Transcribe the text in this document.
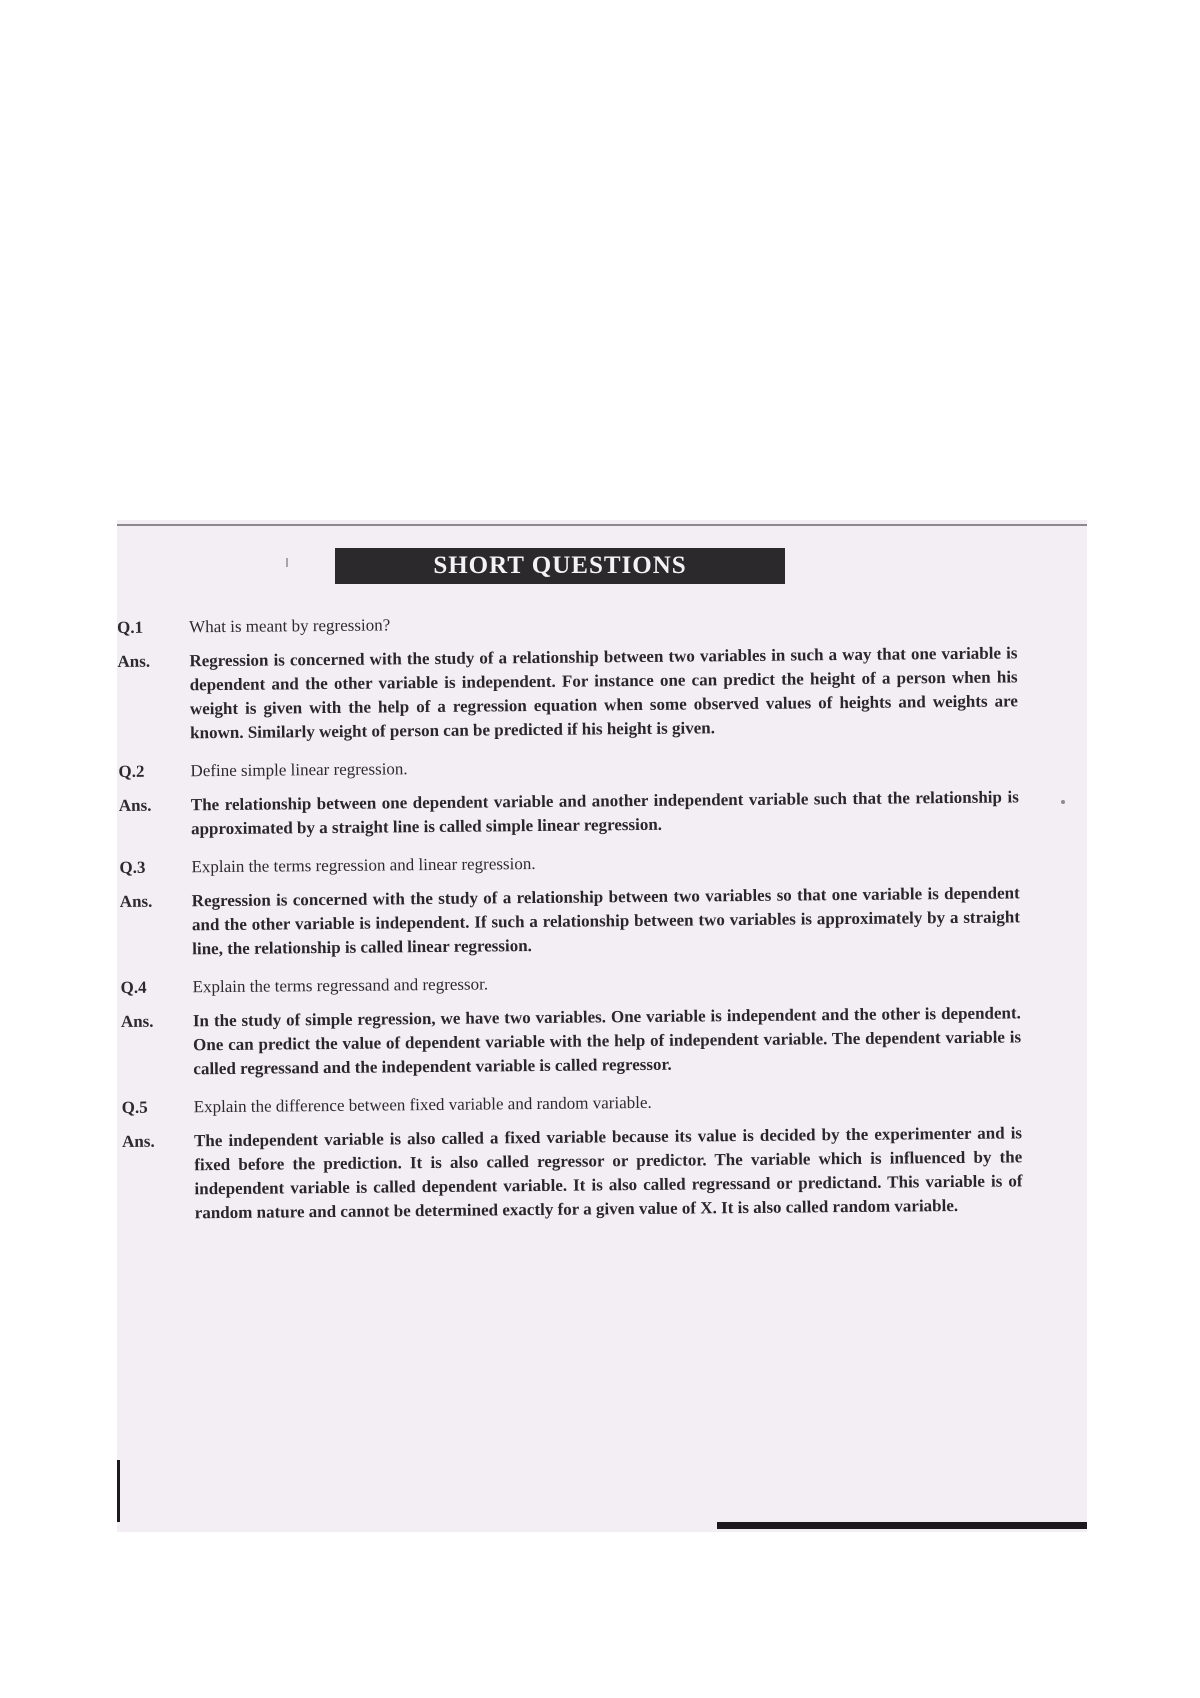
SHORT QUESTIONS
Q.1	What is meant by regression?
Ans.	Regression is concerned with the study of a relationship between two variables in such a way that one variable is dependent and the other variable is independent. For instance one can predict the height of a person when his weight is given with the help of a regression equation when some observed values of heights and weights are known. Similarly weight of person can be predicted if his height is given.
Q.2	Define simple linear regression.
Ans.	The relationship between one dependent variable and another independent variable such that the relationship is approximated by a straight line is called simple linear regression.
Q.3	Explain the terms regression and linear regression.
Ans.	Regression is concerned with the study of a relationship between two variables so that one variable is dependent and the other variable is independent. If such a relationship between two variables is approximately by a straight line, the relationship is called linear regression.
Q.4	Explain the terms regressand and regressor.
Ans.	In the study of simple regression, we have two variables. One variable is independent and the other is dependent. One can predict the value of dependent variable with the help of independent variable. The dependent variable is called regressand and the independent variable is called regressor.
Q.5	Explain the difference between fixed variable and random variable.
Ans.	The independent variable is also called a fixed variable because its value is decided by the experimenter and is fixed before the prediction. It is also called regressor or predictor. The variable which is influenced by the independent variable is called dependent variable. It is also called regressand or predictand. This variable is of random nature and cannot be determined exactly for a given value of X. It is also called random variable.
